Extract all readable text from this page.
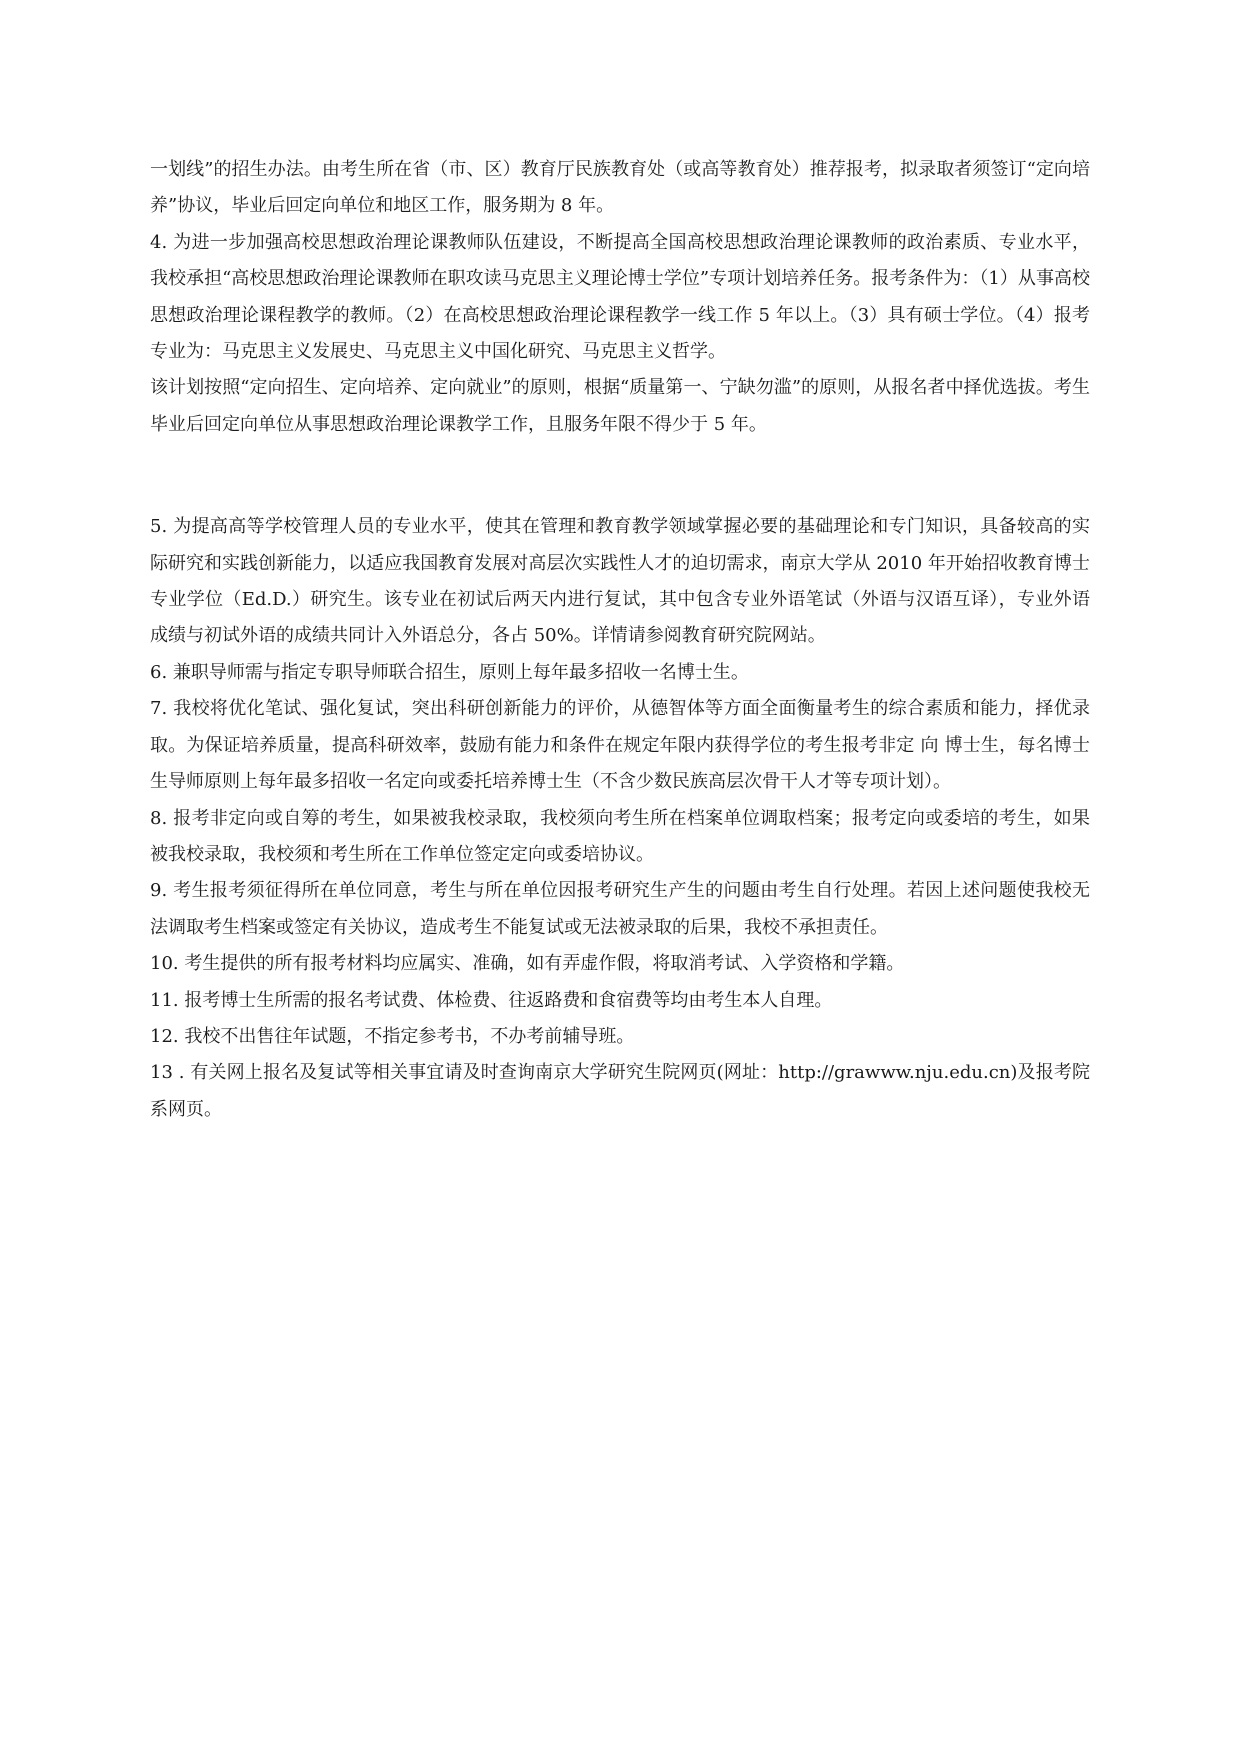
一划线”的招生办法。由考生所在省（市、区）教育厅民族教育处（或高等教育处）推荐报考，拟录取者须签订“定向培养”协议，毕业后回定向单位和地区工作，服务期为 8 年。

4. 为进一步加强高校思想政治理论课教师队伍建设，不断提高全国高校思想政治理论课教师的政治素质、专业水平，我校承担“高校思想政治理论课教师在职攻读马克思主义理论博士学位”专项计划培养任务。报考条件为：（1）从事高校思想政治理论课程教学的教师。（2）在高校思想政治理论课程教学一线工作 5 年以上。（3）具有硕士学位。（4）报考专业为：马克思主义发展史、马克思主义中国化研究、马克思主义哲学。

该计划按照“定向招生、定向培养、定向就业”的原则，根据“质量第一、宁缺勿滥”的原则，从报名者中择优选拔。考生毕业后回定向单位从事思想政治理论课教学工作，且服务年限不得少于 5 年。

5. 为提高高等学校管理人员的专业水平，使其在管理和教育教学领域掌握必要的基础理论和专门知识，具备较高的实际研究和实践创新能力，以适应我国教育发展对高层次实践性人才的迫切需求，南京大学从 2010 年开始招收教育博士专业学位（Ed.D.）研究生。该专业在初试后两天内进行复试，其中包含专业外语笔试（外语与汉语互译），专业外语成绩与初试外语的成绩共同计入外语总分，各占 50%。详情请参阅教育研究院网站。

6. 兼职导师需与指定专职导师联合招生，原则上每年最多招收一名博士生。

7. 我校将优化笔试、强化复试，突出科研创新能力的评价，从德智体等方面全面衡量考生的综合素质和能力，择优录取。为保证培养质量，提高科研效率，鼓励有能力和条件在规定年限内获得学位的考生报考非定 向 博士生，每名博士生导师原则上每年最多招收一名定向或委托培养博士生（不含少数民族高层次骨干人才等专项计划）。

8. 报考非定向或自筹的考生，如果被我校录取，我校须向考生所在档案单位调取档案；报考定向或委培的考生，如果被我校录取，我校须和考生所在工作单位签定定向或委培协议。

9. 考生报考须征得所在单位同意，考生与所在单位因报考研究生产生的问题由考生自行处理。若因上述问题使我校无法调取考生档案或签定有关协议，造成考生不能复试或无法被录取的后果，我校不承担责任。

10. 考生提供的所有报考材料均应属实、准确，如有弄虚作假，将取消考试、入学资格和学籍。

11. 报考博士生所需的报名考试费、体检费、往返路费和食宿费等均由考生本人自理。

12. 我校不出售往年试题，不指定参考书，不办考前辅导班。

13 . 有关网上报名及复试等相关事宜请及时查询南京大学研究生院网页(网址：http://grawww.nju.edu.cn)及报考院系网页。
